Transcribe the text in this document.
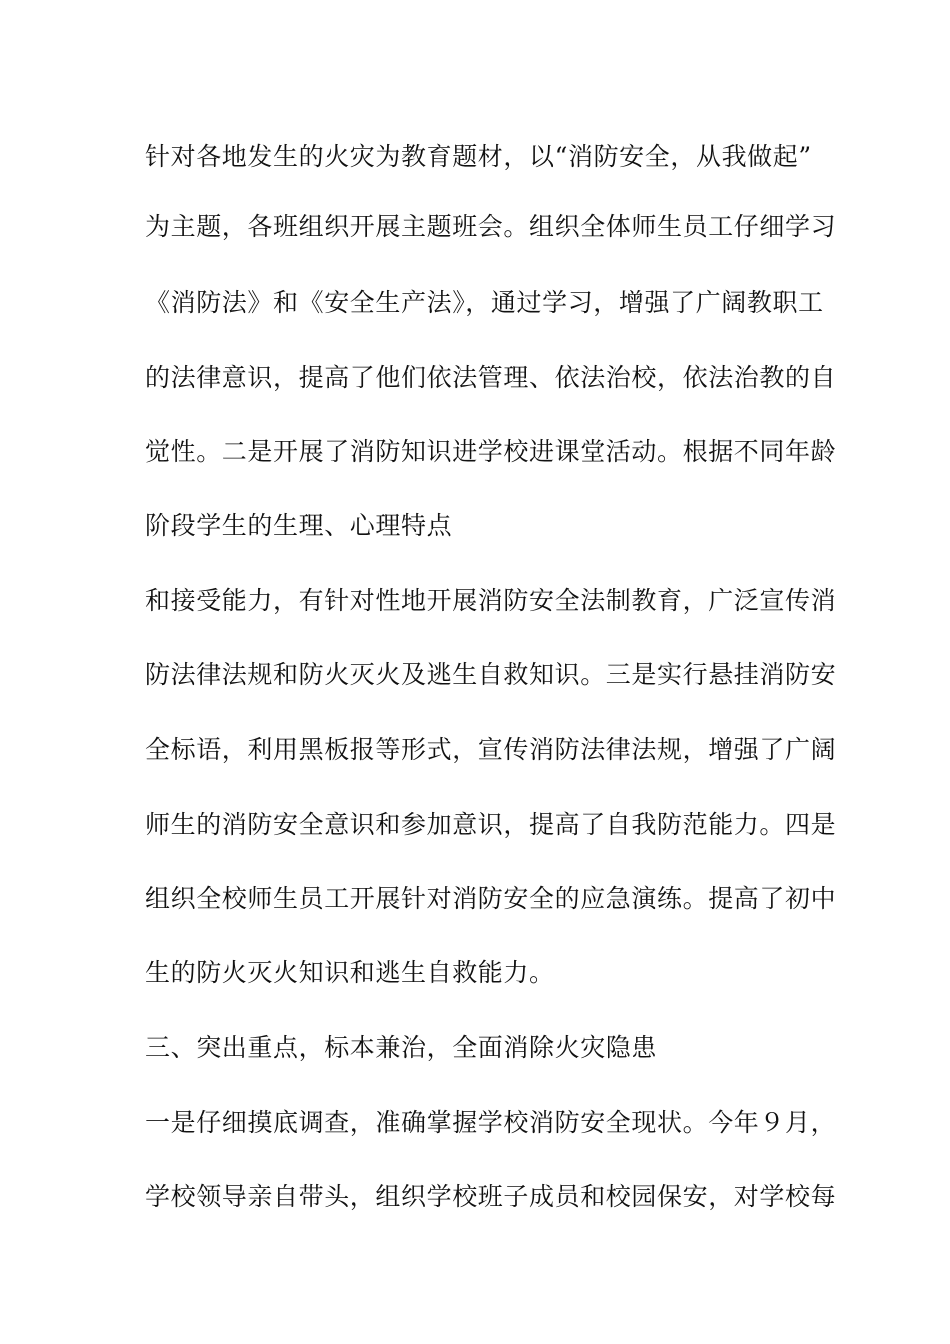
针对各地发生的火灾为教育题材，以“消防安全，从我做起”
为主题，各班组织开展主题班会。组织全体师生员工仔细学习
《消防法》和《安全生产法》，通过学习，增强了广阔教职工
的法律意识，提高了他们依法管理、依法治校，依法治教的自
觉性。二是开展了消防知识进学校进课堂活动。根据不同年龄
阶段学生的生理、心理特点
和接受能力，有针对性地开展消防安全法制教育，广泛宣传消
防法律法规和防火灭火及逃生自救知识。三是实行悬挂消防安
全标语，利用黑板报等形式，宣传消防法律法规，增强了广阔
师生的消防安全意识和参加意识，提高了自我防范能力。四是
组织全校师生员工开展针对消防安全的应急演练。提高了初中
生的防火灭火知识和逃生自救能力。
三、突出重点，标本兼治，全面消除火灾隐患
一是仔细摸底调查，准确掌握学校消防安全现状。今年９月，
学校领导亲自带头，组织学校班子成员和校园保安，对学校每
